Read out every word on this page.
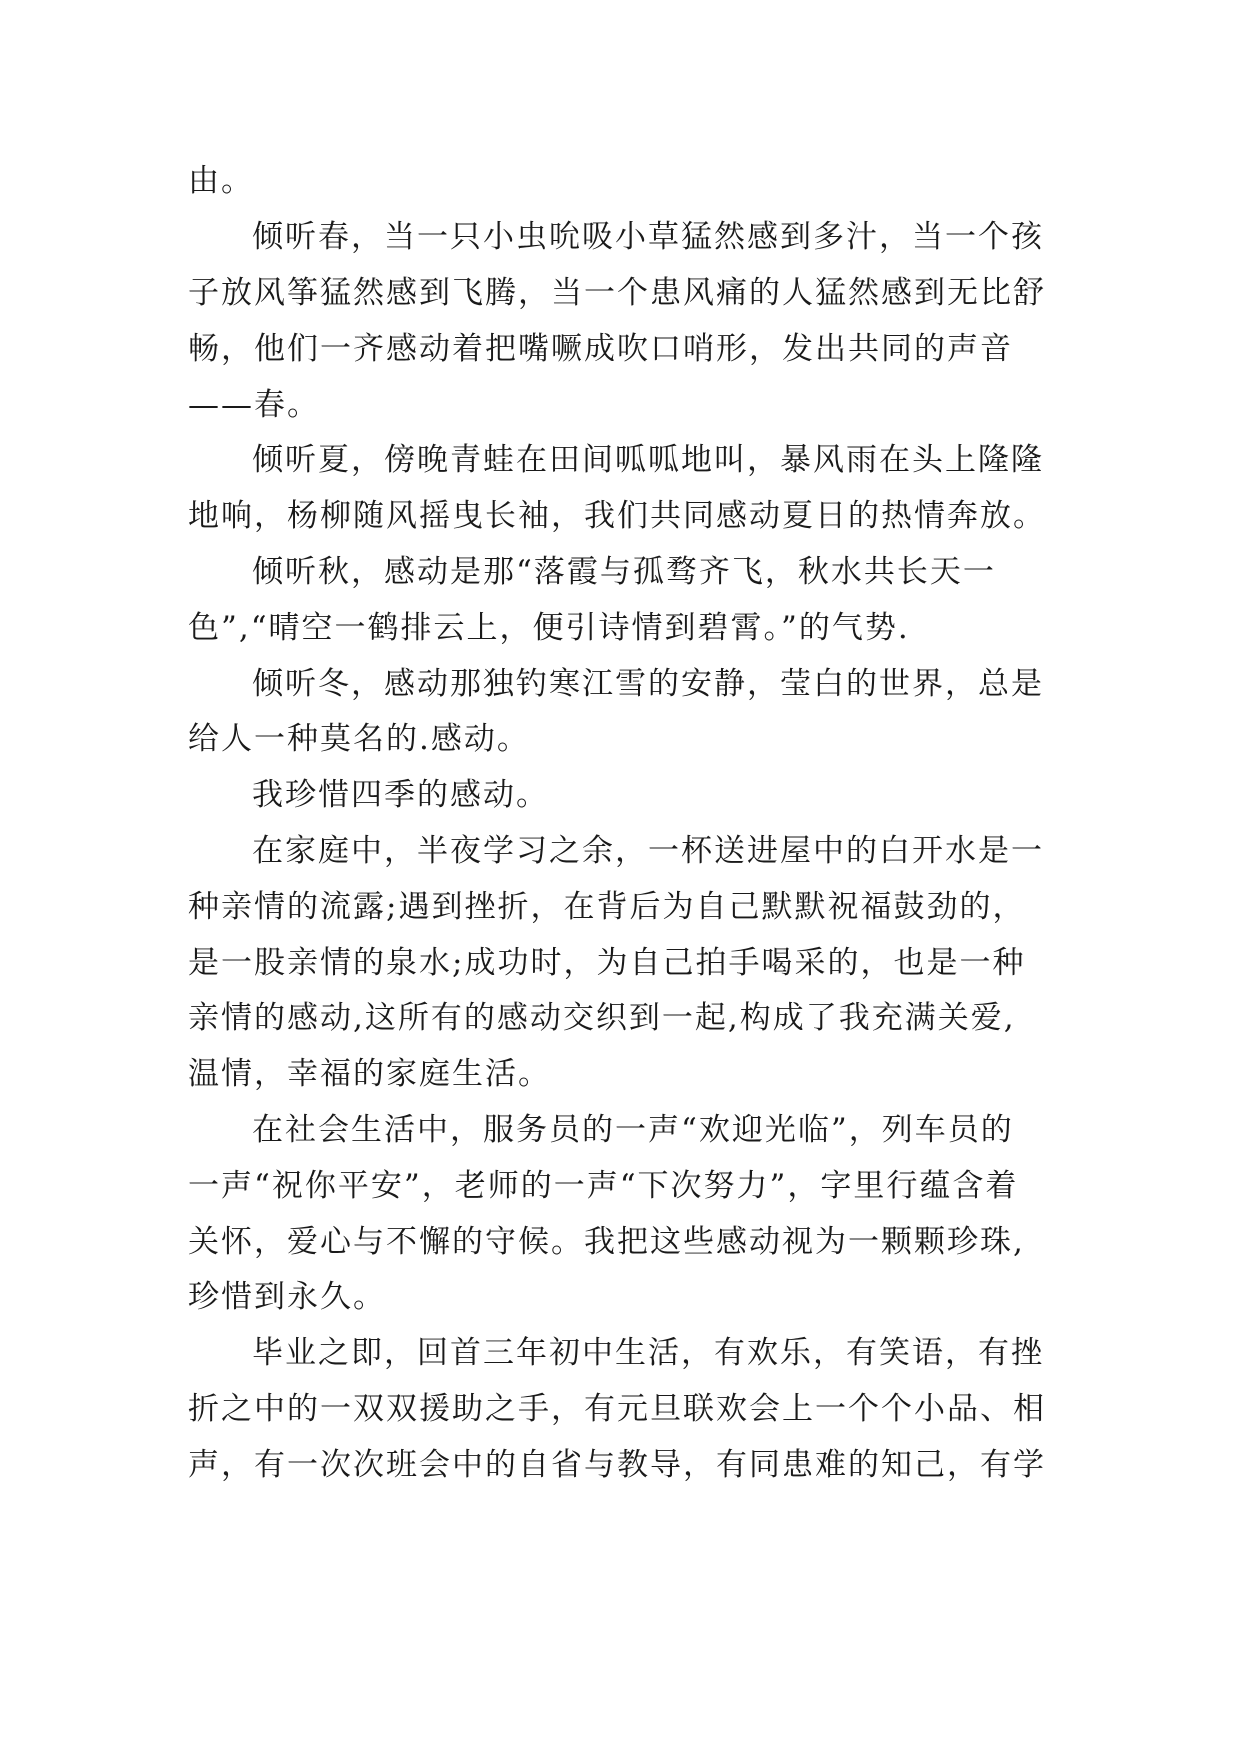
由。
倾听春，当一只小虫吮吸小草猛然感到多汁，当一个孩
子放风筝猛然感到飞腾，当一个患风痛的人猛然感到无比舒
畅，他们一齐感动着把嘴噘成吹口哨形，发出共同的声音
——春。
倾听夏，傍晚青蛙在田间呱呱地叫，暴风雨在头上隆隆
地响，杨柳随风摇曳长袖，我们共同感动夏日的热情奔放。
倾听秋，感动是那“落霞与孤骛齐飞，秋水共长天一
色”,“晴空一鹤排云上，便引诗情到碧霄。”的气势.
倾听冬，感动那独钓寒江雪的安静，莹白的世界，总是
给人一种莫名的.感动。
我珍惜四季的感动。
在家庭中，半夜学习之余，一杯送进屋中的白开水是一
种亲情的流露;遇到挫折，在背后为自己默默祝福鼓劲的，
是一股亲情的泉水;成功时，为自己拍手喝采的，也是一种
亲情的感动,这所有的感动交织到一起,构成了我充满关爱,
温情，幸福的家庭生活。
在社会生活中，服务员的一声“欢迎光临”，列车员的
一声“祝你平安”，老师的一声“下次努力”，字里行蕴含着
关怀，爱心与不懈的守候。我把这些感动视为一颗颗珍珠,
珍惜到永久。
毕业之即，回首三年初中生活，有欢乐，有笑语，有挫
折之中的一双双援助之手，有元旦联欢会上一个个小品、相
声，有一次次班会中的自省与教导，有同患难的知己，有学
